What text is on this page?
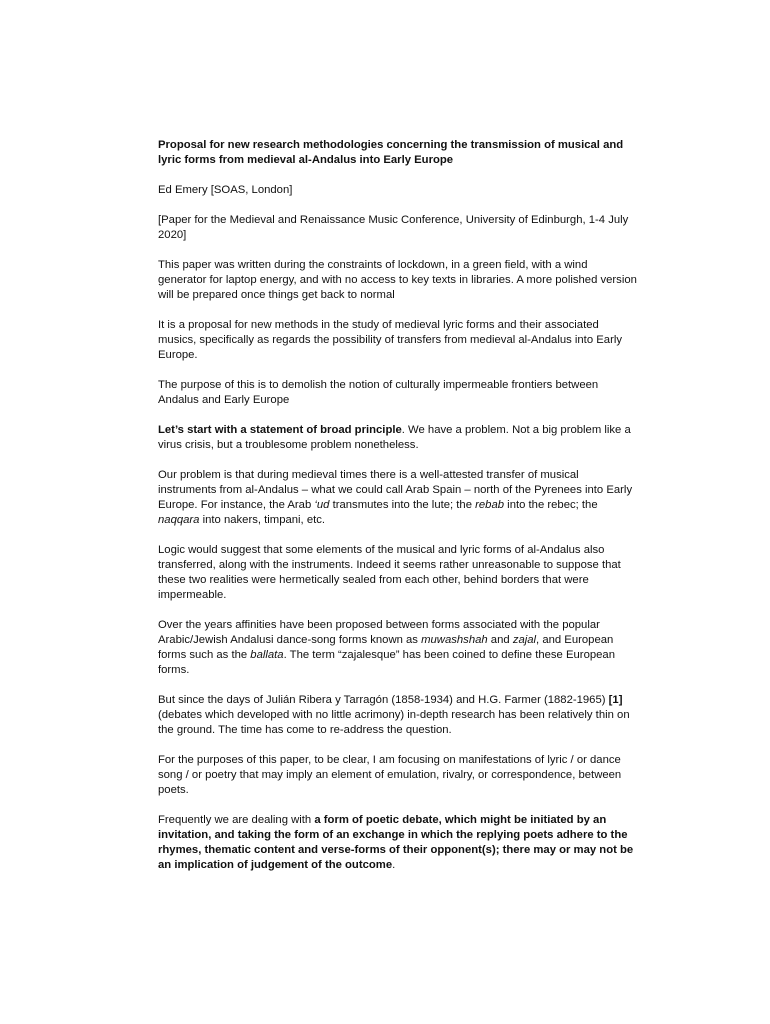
Proposal for new research methodologies concerning the transmission of musical and lyric forms from medieval al-Andalus into Early Europe

Ed Emery [SOAS, London]

[Paper for the Medieval and Renaissance Music Conference, University of Edinburgh, 1-4 July 2020]

This paper was written during the constraints of lockdown, in a green field, with a wind generator for laptop energy, and with no access to key texts in libraries. A more polished version will be prepared once things get back to normal

It is a proposal for new methods in the study of medieval lyric forms and their associated musics, specifically as regards the possibility of transfers from medieval al-Andalus into Early Europe.

The purpose of this is to demolish the notion of culturally impermeable frontiers between Andalus and Early Europe

Let’s start with a statement of broad principle. We have a problem. Not a big problem like a virus crisis, but a troublesome problem nonetheless.

Our problem is that during medieval times there is a well-attested transfer of musical instruments from al-Andalus – what we could call Arab Spain – north of the Pyrenees into Early Europe. For instance, the Arab ‘ud transmutes into the lute; the rebab into the rebec; the naqqara into nakers, timpani, etc.

Logic would suggest that some elements of the musical and lyric forms of al-Andalus also transferred, along with the instruments. Indeed it seems rather unreasonable to suppose that these two realities were hermetically sealed from each other, behind borders that were impermeable.

Over the years affinities have been proposed between forms associated with the popular Arabic/Jewish Andalusi dance-song forms known as muwashshah and zajal, and European forms such as the ballata. The term “zajalesque” has been coined to define these European forms.

But since the days of Julián Ribera y Tarragón (1858-1934) and H.G. Farmer (1882-1965) [1] (debates which developed with no little acrimony) in-depth research has been relatively thin on the ground. The time has come to re-address the question.

For the purposes of this paper, to be clear, I am focusing on manifestations of lyric / or dance song / or poetry that may imply an element of emulation, rivalry, or correspondence, between poets.

Frequently we are dealing with a form of poetic debate, which might be initiated by an invitation, and taking the form of an exchange in which the replying poets adhere to the rhymes, thematic content and verse-forms of their opponent(s); there may or may not be an implication of judgement of the outcome.
